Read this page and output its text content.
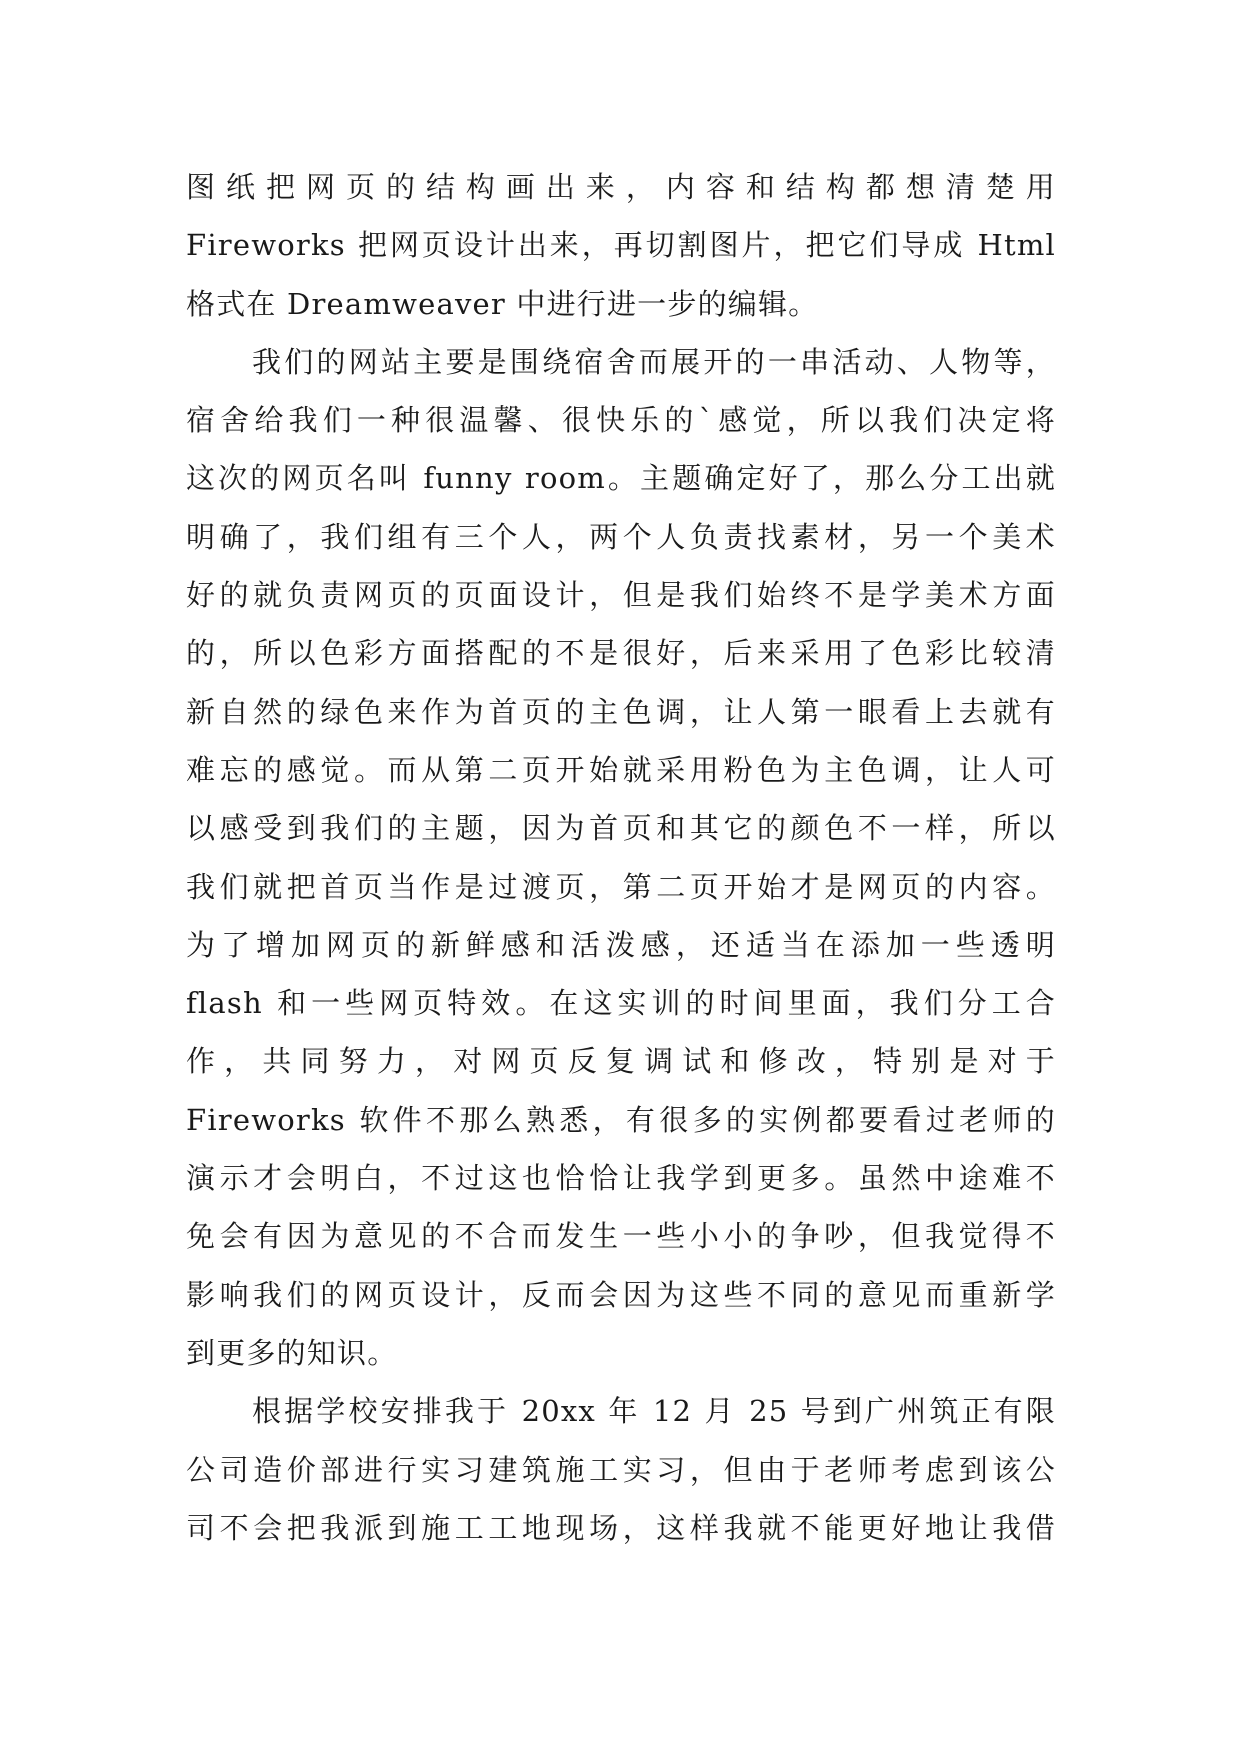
图纸把网页的结构画出来，内容和结构都想清楚用
Fireworks 把网页设计出来，再切割图片，把它们导成 Html
格式在 Dreamweaver 中进行进一步的编辑。
我们的网站主要是围绕宿舍而展开的一串活动、人物等，
宿舍给我们一种很温馨、很快乐的`感觉，所以我们决定将
这次的网页名叫 funny room。主题确定好了，那么分工出就
明确了，我们组有三个人，两个人负责找素材，另一个美术
好的就负责网页的页面设计，但是我们始终不是学美术方面
的，所以色彩方面搭配的不是很好，后来采用了色彩比较清
新自然的绿色来作为首页的主色调，让人第一眼看上去就有
难忘的感觉。而从第二页开始就采用粉色为主色调，让人可
以感受到我们的主题，因为首页和其它的颜色不一样，所以
我们就把首页当作是过渡页，第二页开始才是网页的内容。
为了增加网页的新鲜感和活泼感，还适当在添加一些透明
flash 和一些网页特效。在这实训的时间里面，我们分工合
作，共同努力，对网页反复调试和修改，特别是对于
Fireworks 软件不那么熟悉，有很多的实例都要看过老师的
演示才会明白，不过这也恰恰让我学到更多。虽然中途难不
免会有因为意见的不合而发生一些小小的争吵，但我觉得不
影响我们的网页设计，反而会因为这些不同的意见而重新学
到更多的知识。
根据学校安排我于 20xx 年 12 月 25 号到广州筑正有限
公司造价部进行实习建筑施工实习，但由于老师考虑到该公
司不会把我派到施工工地现场，这样我就不能更好地让我借
